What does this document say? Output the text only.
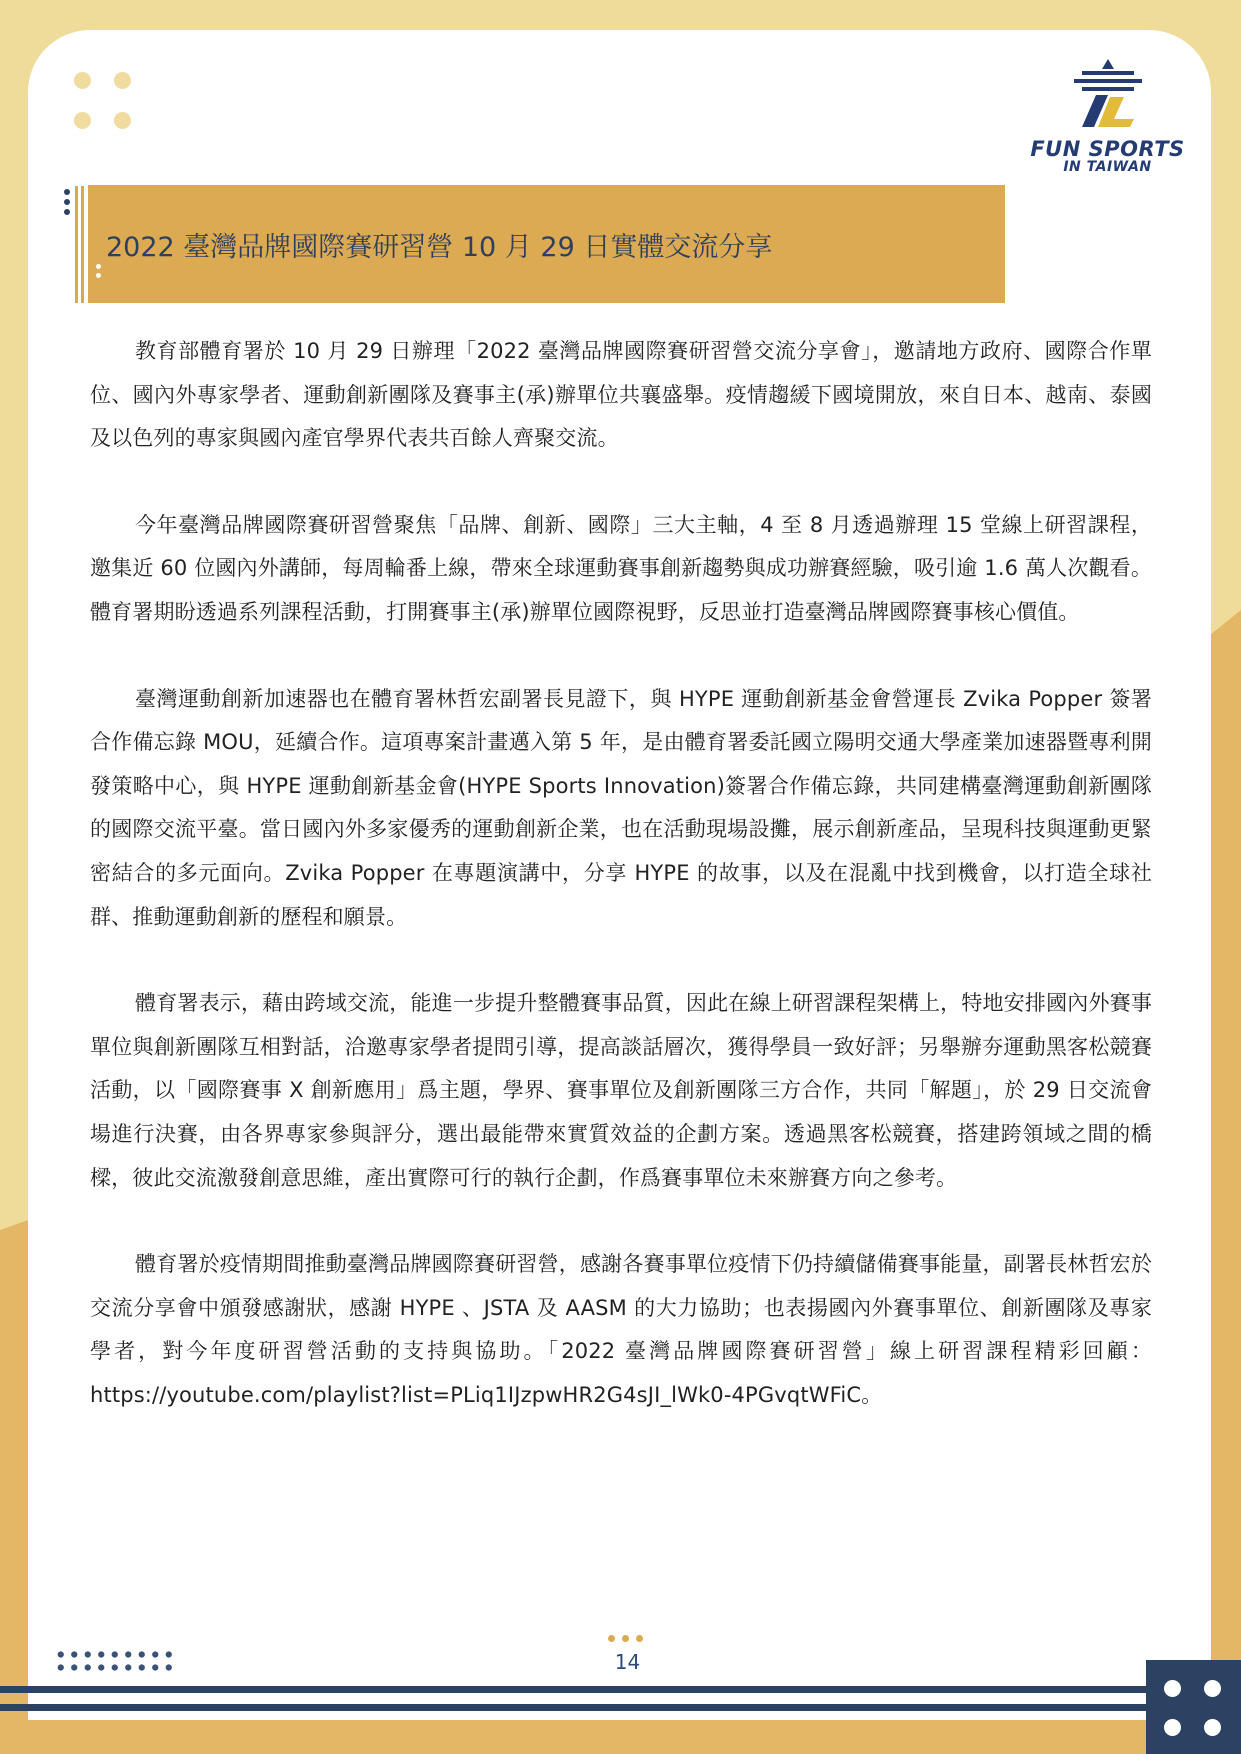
FUN SPORTS
IN TAIWAN
2022 臺灣品牌國際賽研習營 10 月 29 日實體交流分享

教育部體育署於 10 月 29 日辦理「2022 臺灣品牌國際賽研習營交流分享會」，邀請地方政府、國際合作單位、國內外專家學者、運動創新團隊及賽事主(承)辦單位共襄盛舉。疫情趨緩下國境開放，來自日本、越南、泰國及以色列的專家與國內產官學界代表共百餘人齊聚交流。

今年臺灣品牌國際賽研習營聚焦「品牌、創新、國際」三大主軸，4 至 8 月透過辦理 15 堂線上研習課程，邀集近 60 位國內外講師，每周輪番上線，帶來全球運動賽事創新趨勢與成功辦賽經驗，吸引逾 1.6 萬人次觀看。體育署期盼透過系列課程活動，打開賽事主(承)辦單位國際視野，反思並打造臺灣品牌國際賽事核心價值。

臺灣運動創新加速器也在體育署林哲宏副署長見證下，與 HYPE 運動創新基金會營運長 Zvika Popper 簽署合作備忘錄 MOU，延續合作。這項專案計畫邁入第 5 年，是由體育署委託國立陽明交通大學產業加速器暨專利開發策略中心，與 HYPE 運動創新基金會(HYPE Sports Innovation)簽署合作備忘錄，共同建構臺灣運動創新團隊的國際交流平臺。當日國內外多家優秀的運動創新企業，也在活動現場設攤，展示創新產品，呈現科技與運動更緊密結合的多元面向。Zvika Popper 在專題演講中，分享 HYPE 的故事，以及在混亂中找到機會，以打造全球社群、推動運動創新的歷程和願景。

體育署表示，藉由跨域交流，能進一步提升整體賽事品質，因此在線上研習課程架構上，特地安排國內外賽事單位與創新團隊互相對話，洽邀專家學者提問引導，提高談話層次，獲得學員一致好評；另舉辦夯運動黑客松競賽活動，以「國際賽事 X 創新應用」爲主題，學界、賽事單位及創新團隊三方合作，共同「解題」，於 29 日交流會場進行決賽，由各界專家參與評分，選出最能帶來實質效益的企劃方案。透過黑客松競賽，搭建跨領域之間的橋樑，彼此交流激發創意思維，產出實際可行的執行企劃，作爲賽事單位未來辦賽方向之參考。

體育署於疫情期間推動臺灣品牌國際賽研習營，感謝各賽事單位疫情下仍持續儲備賽事能量，副署長林哲宏於交流分享會中頒發感謝狀，感謝 HYPE 、JSTA 及 AASM 的大力協助；也表揚國內外賽事單位、創新團隊及專家學者，對今年度研習營活動的支持與協助。「2022 臺灣品牌國際賽研習營」線上研習課程精彩回顧：https://youtube.com/playlist?list=PLiq1IJzpwHR2G4sJI_lWk0-4PGvqtWFiC。

14
